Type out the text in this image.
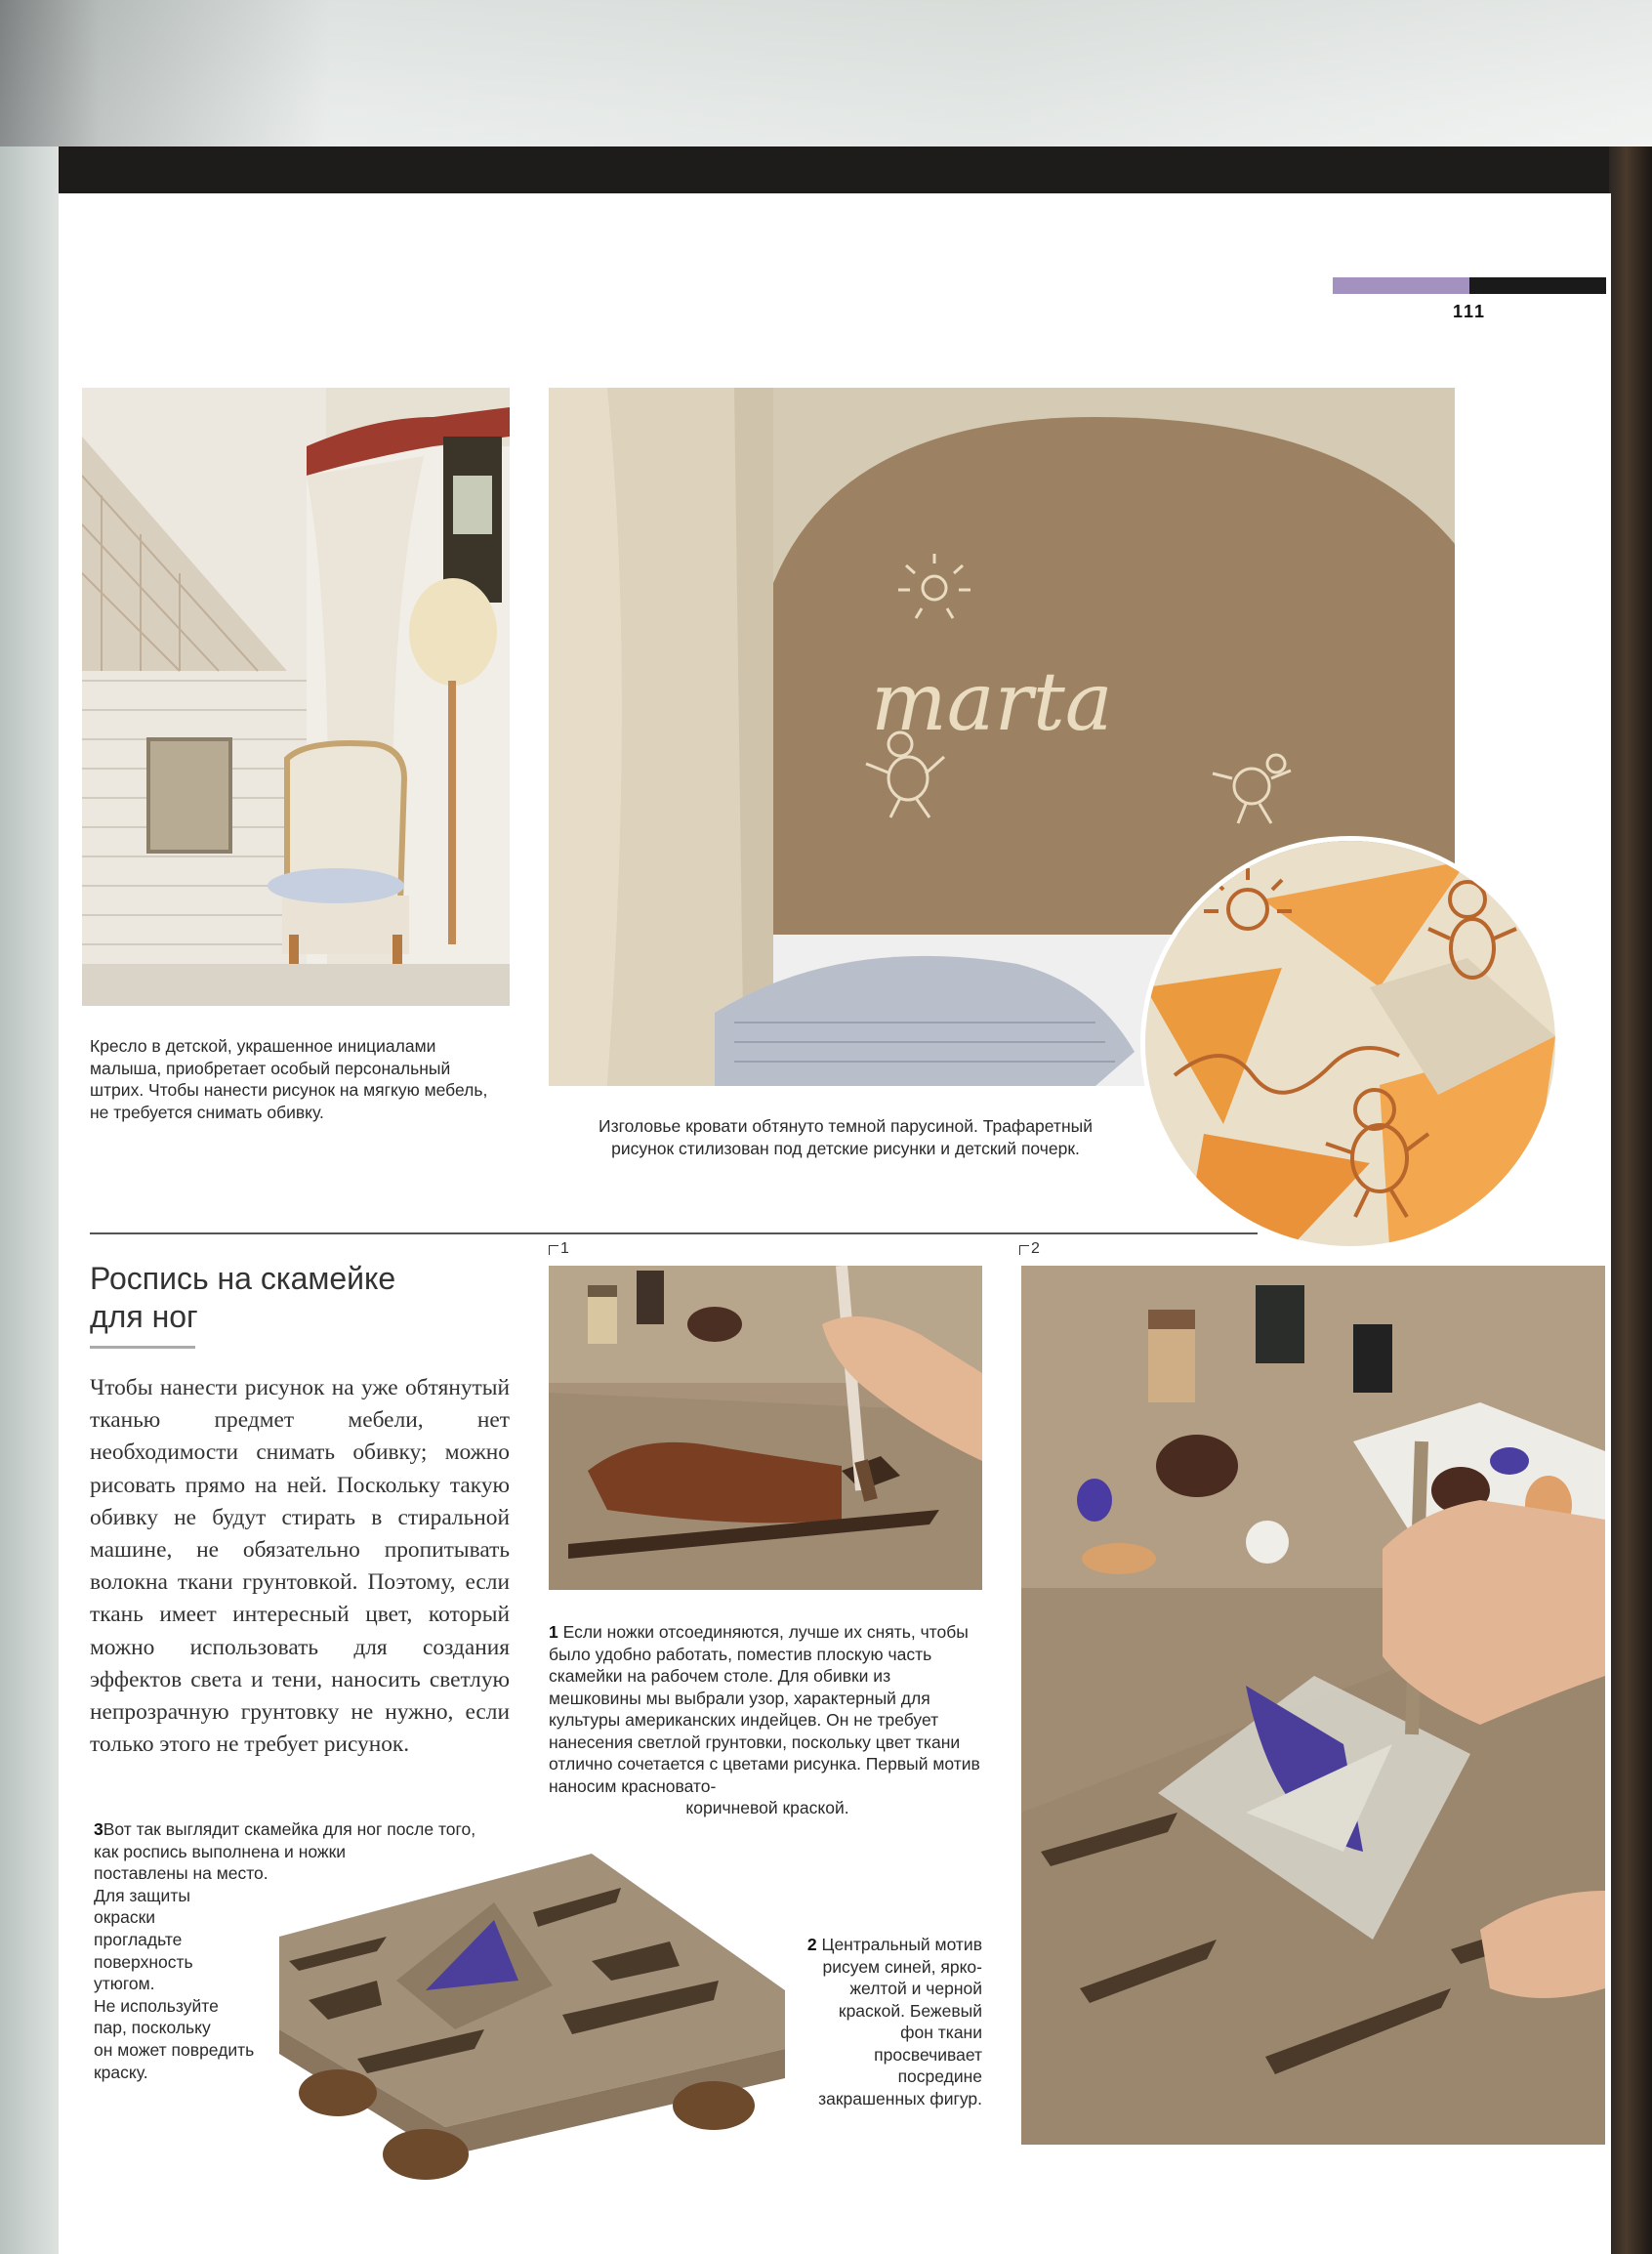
111
marta
Кресло в детской, украшенное инициалами малыша, приобретает особый персональный штрих. Чтобы нанести рисунок на мягкую мебель, не требуется снимать обивку.
Изголовье кровати обтянуто темной парусиной. Трафаретный
рисунок стилизован под детские рисунки и детский почерк.
1	2

Роспись на скамейке
для ног
Чтобы нанести рисунок на уже обтянутый тканью предмет мебели, нет необходимости снимать обивку; можно рисовать прямо на ней. Поскольку такую обивку не будут стирать в стиральной машине, не обязательно пропитывать волокна ткани грунтовкой. Поэтому, если ткань имеет интересный цвет, который можно использовать для создания эффектов света и тени, наносить светлую непрозрачную грунтовку не нужно, если только этого не требует рисунок.
1 Если ножки отсоединяются, лучше их снять, чтобы было удобно работать, поместив плоскую часть скамейки на рабочем столе. Для обивки из мешковины мы выбрали узор, характерный для культуры американских индейцев. Он не требует нанесения светлой грунтовки, поскольку цвет ткани отлично сочетается с цветами рисунка. Первый мотив наносим красновато-

коричневой краской.
2 Центральный мотив
рисуем синей, ярко-
желтой и черной
краской. Бежевый
фон ткани
просвечивает
посредине
закрашенных фигур.
3Вот так выглядит скамейка для ног после того,
как роспись выполнена и ножки
поставлены на место.
Для защиты
окраски
прогладьте
поверхность
утюгом.
Не используйте
пар, поскольку
он может повредить
краску.
